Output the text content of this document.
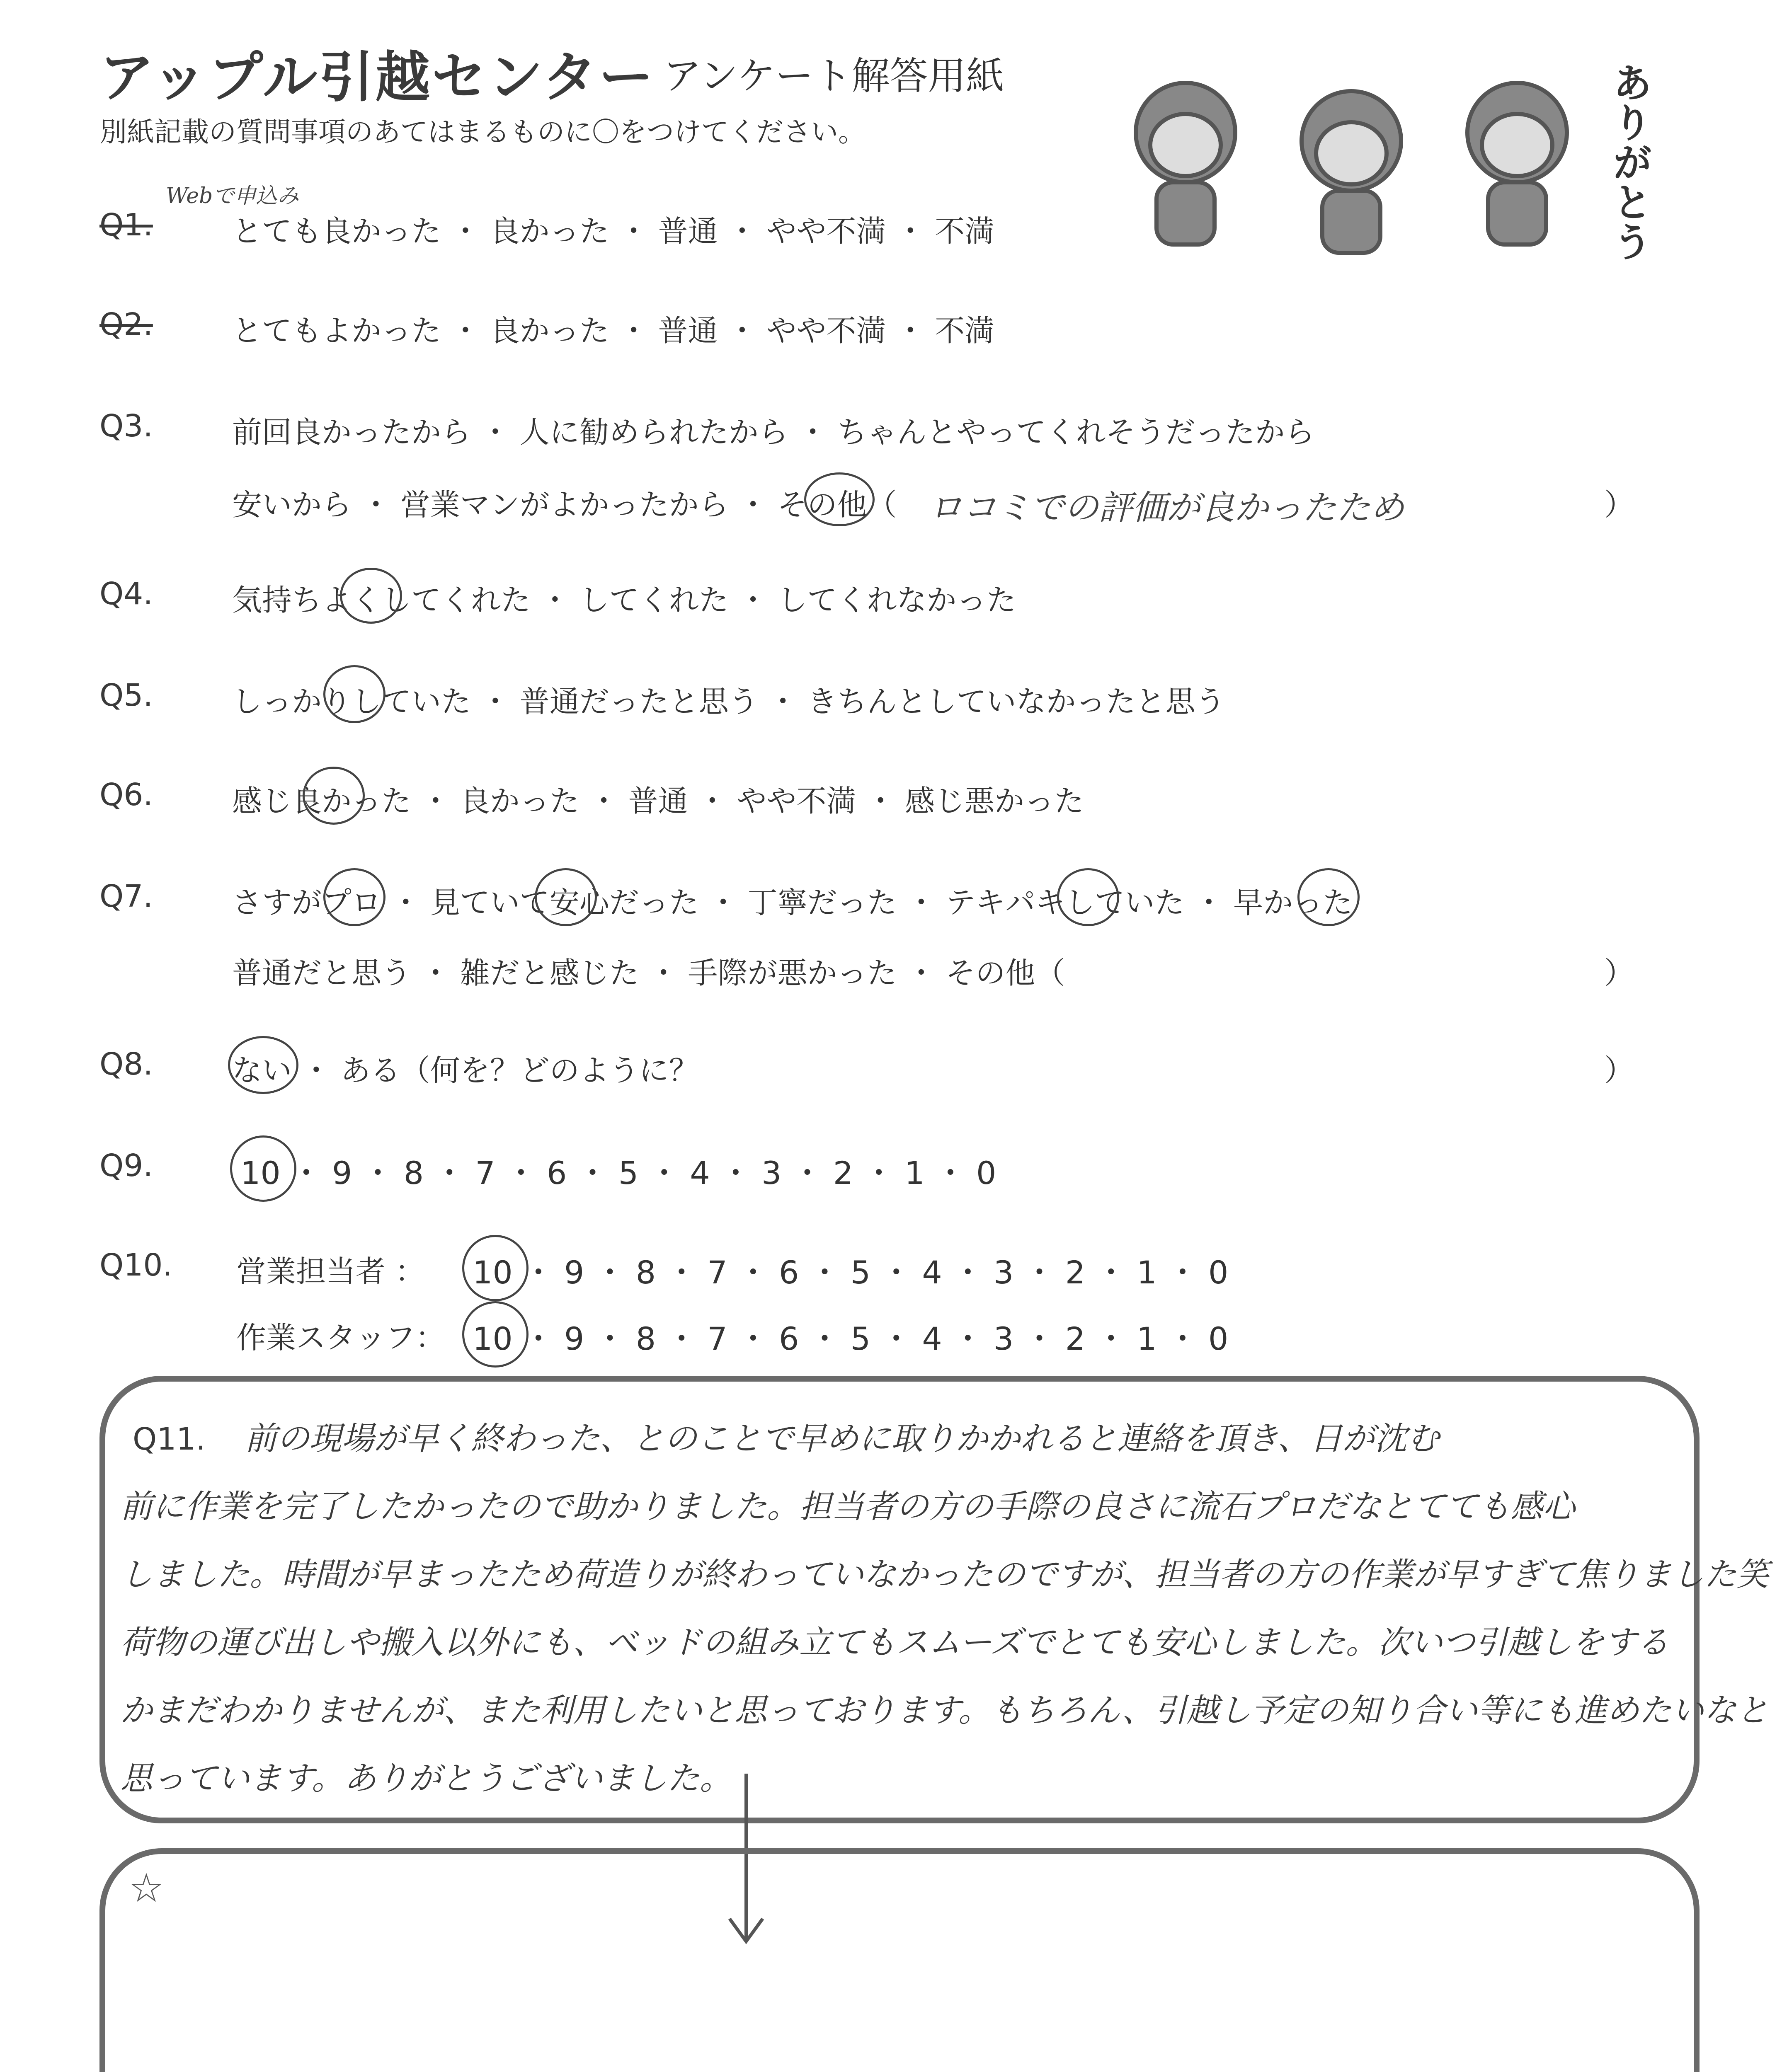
アップル引越センター アンケート解答用紙
別紙記載の質問事項のあてはまるものに〇をつけてください。	ありがとう
Q1.
Webで申込み
とても良かった ・ 良かった ・ 普通 ・ やや不満 ・ 不満
Q2.	とてもよかった ・ 良かった ・ 普通 ・ やや不満 ・ 不満
Q3.	前回良かったから ・ 人に勧められたから ・ ちゃんとやってくれそうだったから
安いから ・ 営業マンがよかったから ・ その他（ ロコミでの評価が良かったため	）
Q4.	気持ちよくしてくれた ・ してくれた ・ してくれなかった
Q5.	しっかりしていた ・ 普通だったと思う ・ きちんとしていなかったと思う
Q6.	感じ良かった ・ 良かった ・ 普通 ・ やや不満 ・ 感じ悪かった
Q7.	さすがプロ ・ 見ていて安心だった ・ 丁寧だった ・ テキパキしていた ・ 早かった
普通だと思う ・ 雑だと感じた ・ 手際が悪かった ・ その他（	）
Q8.	ない ・ ある（何を？どのように？	）
Q9.	10 ・ 9 ・ 8 ・ 7 ・ 6 ・ 5 ・ 4 ・ 3 ・ 2 ・ 1 ・ 0
Q10. 営業担当者 ： 10 ・ 9 ・ 8 ・ 7 ・ 6 ・ 5 ・ 4 ・ 3 ・ 2 ・ 1 ・ 0
作業スタッフ： 10 ・ 9 ・ 8 ・ 7 ・ 6 ・ 5 ・ 4 ・ 3 ・ 2 ・ 1 ・ 0
Q11.	前の現場が早く終わった、とのことで早めに取りかかれると連絡を頂き、日が沈む
前に作業を完了したかったので助かりました。担当者の方の手際の良さに流石プロだなとてても感心
しました。時間が早まったため荷造りが終わっていなかったのですが、担当者の方の作業が早すぎて焦りました笑
荷物の運び出しや搬入以外にも、ベッドの組み立てもスムーズでとても安心しました。次いつ引越しをする
かまだわかりませんが、また利用したいと思っております。もちろん、引越し予定の知り合い等にも進めたいなと
思っています。ありがとうございました。
☆
